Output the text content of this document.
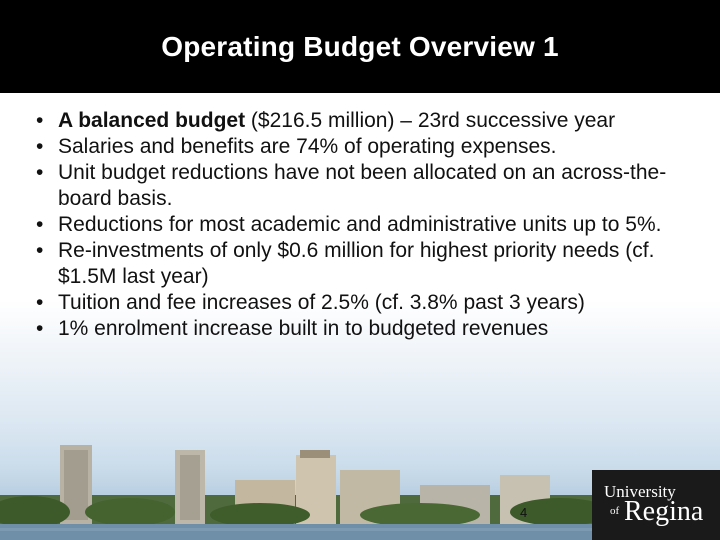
Operating Budget Overview 1
• A balanced budget ($216.5 million) – 23rd successive year
• Salaries and benefits are 74% of operating expenses.
• Unit budget reductions have not been allocated on an across-the-board basis.
• Reductions for most academic and administrative units up to 5%.
• Re-investments of only $0.6 million for highest priority needs (cf. $1.5M last year)
• Tuition and fee increases of 2.5% (cf. 3.8% past 3 years)
• 1% enrolment increase built in to budgeted revenues
University
of Regina
4
